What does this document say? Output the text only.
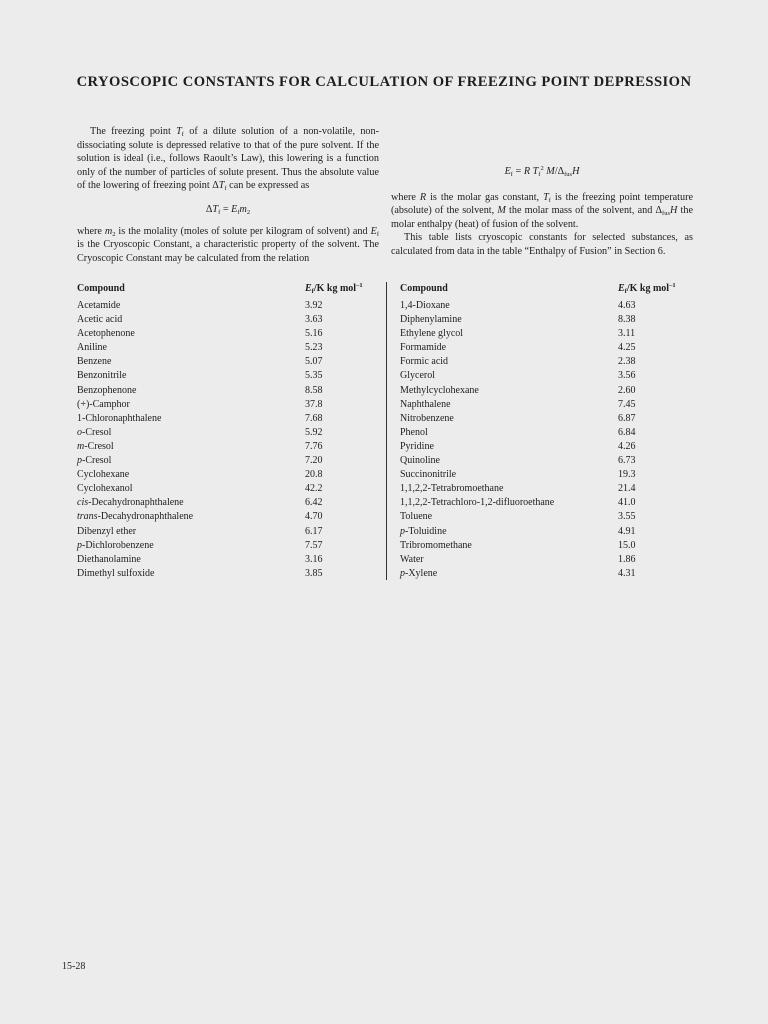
CRYOSCOPIC CONSTANTS FOR CALCULATION OF FREEZING POINT DEPRESSION

The freezing point $T_f$ of a dilute solution of a non-volatile, non-dissociating solute is depressed relative to that of the pure solvent. If the solution is ideal (i.e., follows Raoult’s Law), this lowering is a function only of the number of particles of solute present. Thus the absolute value of the lowering of freezing point $\Delta T_f$ can be expressed as

$\Delta T_f = E_fm_2$

where $m_2$ is the molality (moles of solute per kilogram of solvent) and $E_f$ is the Cryoscopic Constant, a characteristic property of the solvent. The Cryoscopic Constant may be calculated from the relation

$E_f = R$ $T_f^2$ $M/\Delta_{fus}H$

where R is the molar gas constant, $T_f$ is the freezing point temperature (absolute) of the solvent, M the molar mass of the solvent, and $\Delta_{fus}H$ the molar enthalpy (heat) of fusion of the solvent.

This table lists cryoscopic constants for selected substances, as calculated from data in the table “Enthalpy of Fusion” in Section 6.

Compound	$E_f/K$ kg mol$^{-1}$
Acetamide	3.92
Acetic acid	3.63
Acetophenone	5.16
Aniline	5.23
Benzene	5.07
Benzonitrile	5.35
Benzophenone	8.58
(+)-Camphor	37.8
1-Chloronaphthalene	7.68
o-Cresol	5.92
m-Cresol	7.76
p-Cresol	7.20
Cyclohexane	20.8
Cyclohexanol	42.2
cis-Decahydronaphthalene	6.42
trans-Decahydronaphthalene	4.70
Dibenzyl ether	6.17
p-Dichlorobenzene	7.57
Diethanolamine	3.16
Dimethyl sulfoxide	3.85
Compound	$E_f/K$ kg mol$^{-1}$
1,4-Dioxane	4.63
Diphenylamine	8.38
Ethylene glycol	3.11
Formamide	4.25
Formic acid	2.38
Glycerol	3.56
Methylcyclohexane	2.60
Naphthalene	7.45
Nitrobenzene	6.87
Phenol	6.84
Pyridine	4.26
Quinoline	6.73
Succinonitrile	19.3
1,1,2,2-Tetrabromoethane	21.4
1,1,2,2-Tetrachloro-1,2-difluoroethane	41.0
Toluene	3.55
p-Toluidine	4.91
Tribromomethane	15.0
Water	1.86
p-Xylene	4.31
15-28
